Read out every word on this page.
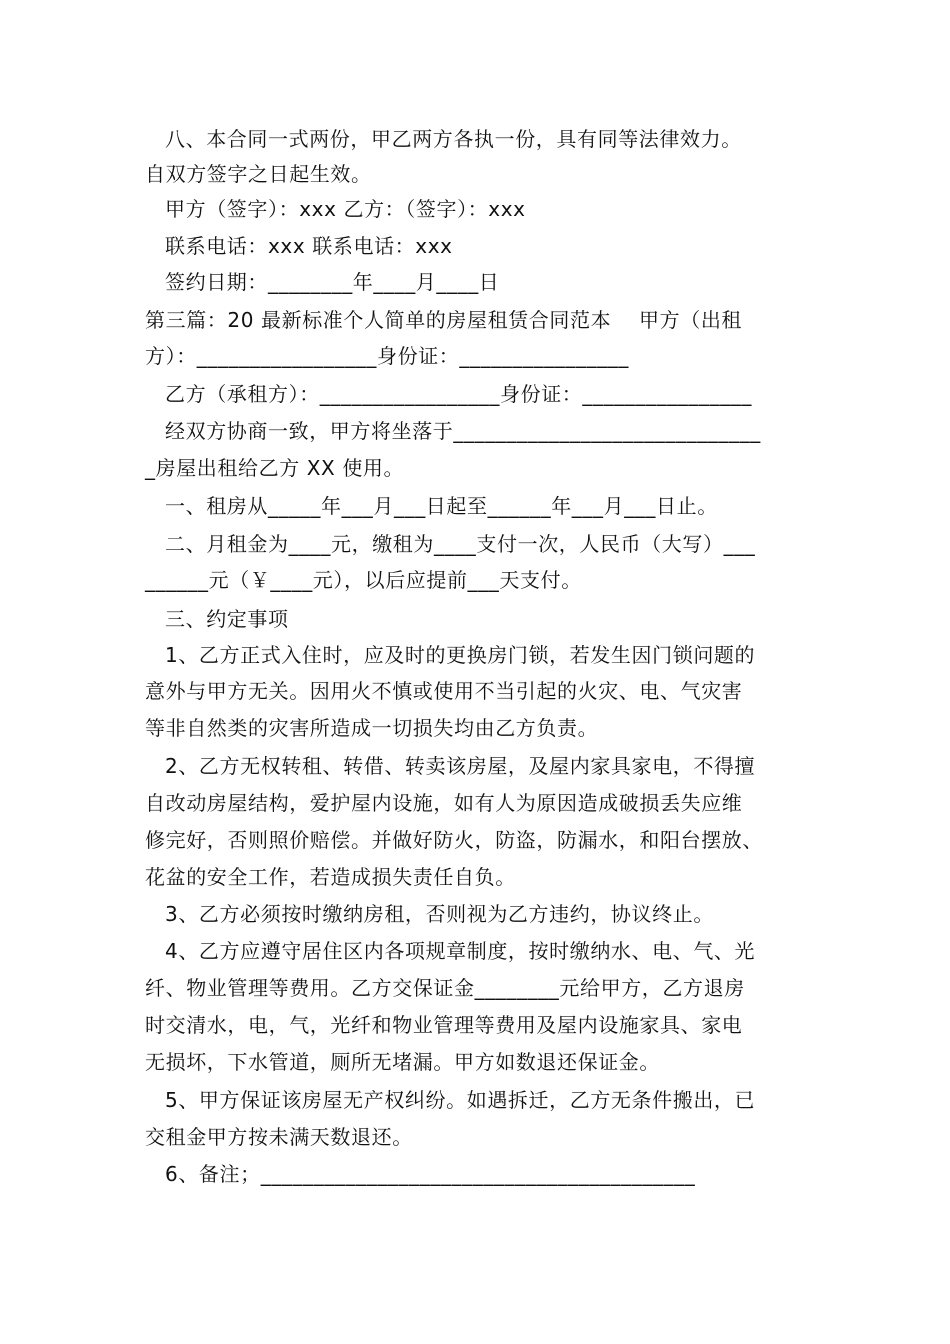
八、本合同一式两份，甲乙两方各执一份，具有同等法律效力。
自双方签字之日起生效。
甲方（签字）：xxx 乙方：（签字）：xxx
联系电话：xxx 联系电话：xxx
签约日期：________年____月____日
第三篇：20 最新标准个人简单的房屋租赁合同范本    甲方（出租
方）：_________________身份证：________________
乙方（承租方）：_________________身份证：________________
经双方协商一致，甲方将坐落于_____________________________
_房屋出租给乙方 XX 使用。
一、租房从_____年___月___日起至______年___月___日止。
二、月租金为____元，缴租为____支付一次，人民币（大写）___
______元（￥____元），以后应提前___天支付。
三、约定事项
1、乙方正式入住时，应及时的更换房门锁，若发生因门锁问题的
意外与甲方无关。因用火不慎或使用不当引起的火灾、电、气灾害
等非自然类的灾害所造成一切损失均由乙方负责。
2、乙方无权转租、转借、转卖该房屋，及屋内家具家电，不得擅
自改动房屋结构，爱护屋内设施，如有人为原因造成破损丢失应维
修完好，否则照价赔偿。并做好防火，防盗，防漏水，和阳台摆放、
花盆的安全工作，若造成损失责任自负。
3、乙方必须按时缴纳房租，否则视为乙方违约，协议终止。
4、乙方应遵守居住区内各项规章制度，按时缴纳水、电、气、光
纤、物业管理等费用。乙方交保证金________元给甲方，乙方退房
时交清水，电，气，光纤和物业管理等费用及屋内设施家具、家电
无损坏，下水管道，厕所无堵漏。甲方如数退还保证金。
5、甲方保证该房屋无产权纠纷。如遇拆迁，乙方无条件搬出，已
交租金甲方按未满天数退还。
6、备注；_________________________________________
